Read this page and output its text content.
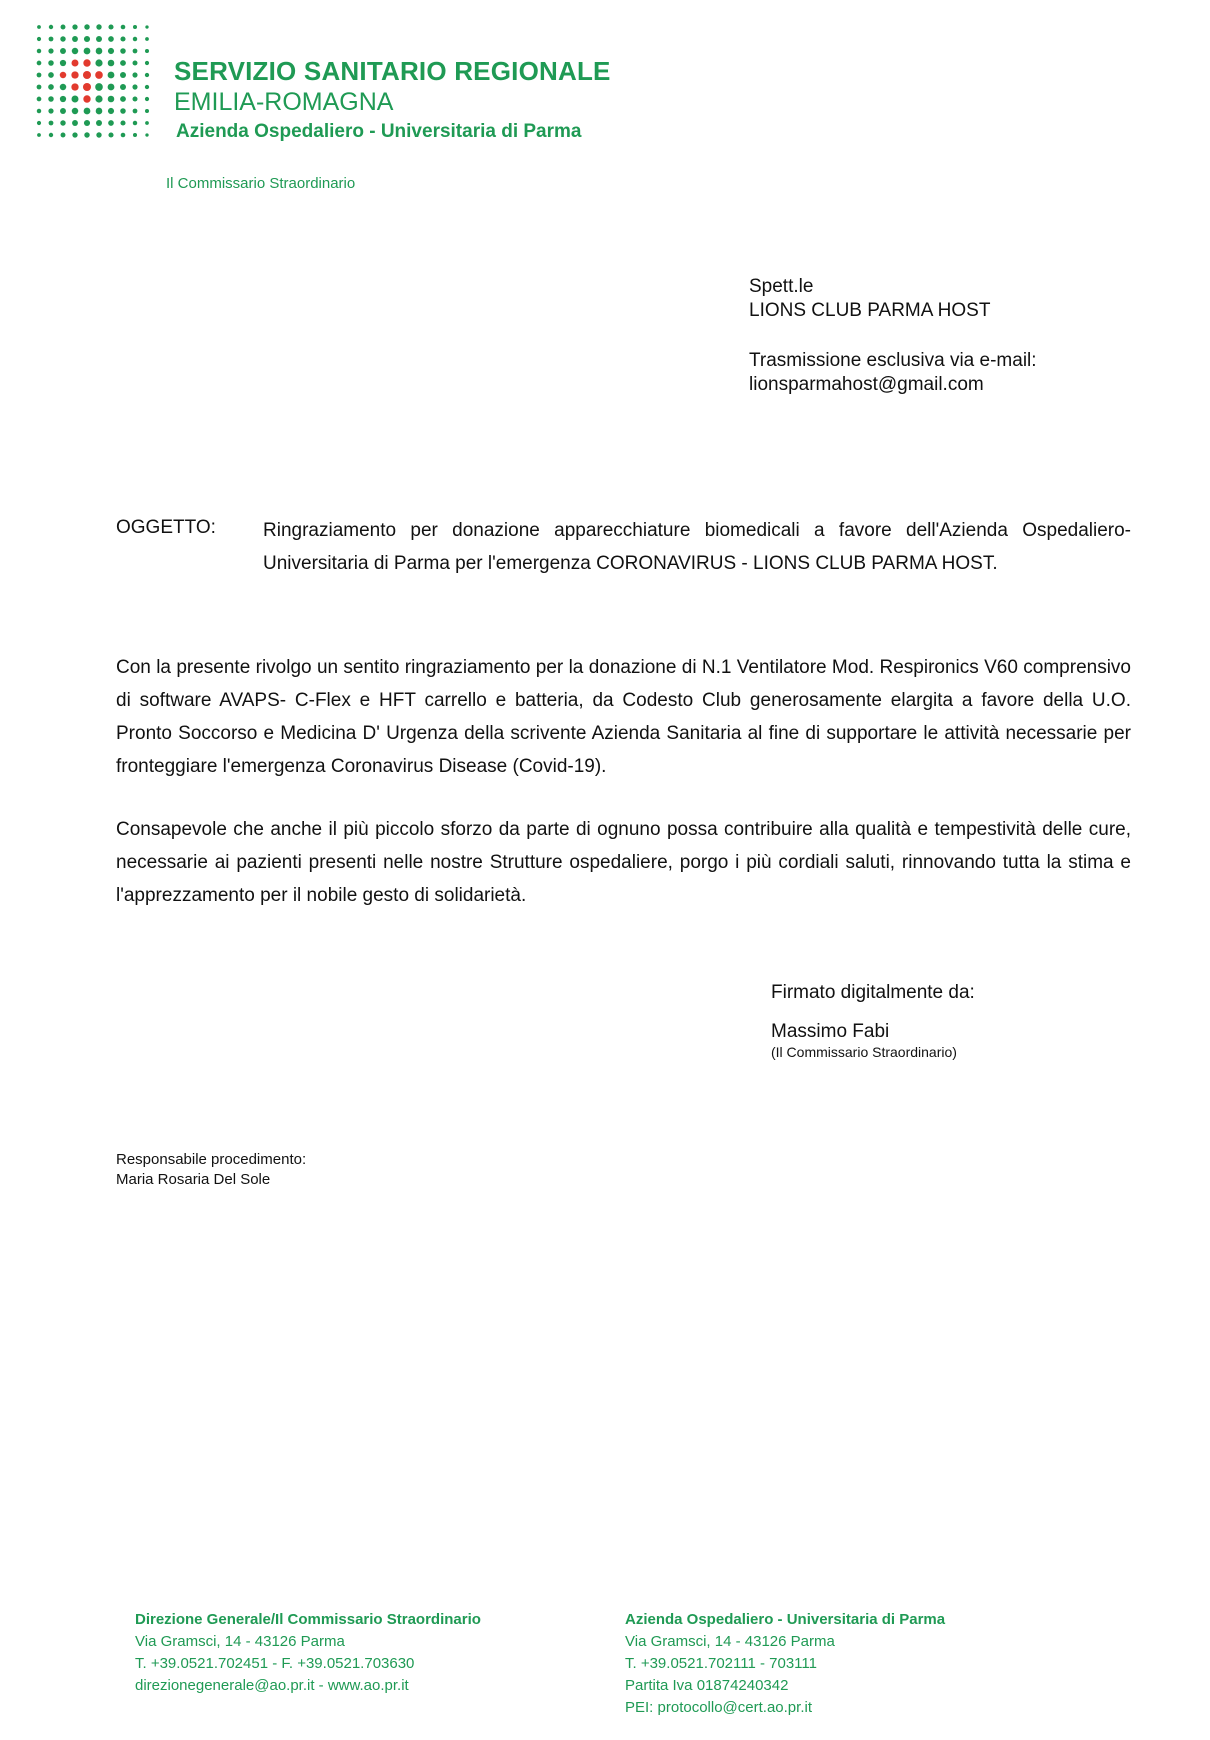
SERVIZIO SANITARIO REGIONALE
EMILIA-ROMAGNA
Azienda Ospedaliero - Universitaria di Parma
Il Commissario Straordinario
Spett.le
LIONS CLUB PARMA HOST
Trasmissione esclusiva via e-mail:
lionsparmahost@gmail.com
OGGETTO: Ringraziamento per donazione apparecchiature biomedicali a favore dell'Azienda Ospedaliero-Universitaria di Parma per l'emergenza CORONAVIRUS - LIONS CLUB PARMA HOST.
Con la presente rivolgo un sentito ringraziamento per la donazione di N.1 Ventilatore Mod. Respironics V60 comprensivo di software AVAPS- C-Flex e HFT carrello e batteria, da Codesto Club generosamente elargita a favore della U.O. Pronto Soccorso e Medicina D' Urgenza della scrivente Azienda Sanitaria al fine di supportare le attività necessarie per fronteggiare l'emergenza Coronavirus Disease (Covid-19).
Consapevole che anche il più piccolo sforzo da parte di ognuno possa contribuire alla qualità e tempestività delle cure, necessarie ai pazienti presenti nelle nostre Strutture ospedaliere, porgo i più cordiali saluti, rinnovando tutta la stima e l'apprezzamento per il nobile gesto di solidarietà.
Firmato digitalmente da:
Massimo Fabi
(Il Commissario Straordinario)
Responsabile procedimento:
Maria Rosaria Del Sole
Direzione Generale/Il Commissario Straordinario
Via Gramsci, 14 - 43126 Parma
T. +39.0521.702451 - F. +39.0521.703630
direzionegenerale@ao.pr.it - www.ao.pr.it
Azienda Ospedaliero - Universitaria di Parma
Via Gramsci, 14 - 43126 Parma
T. +39.0521.702111 - 703111
Partita Iva 01874240342
PEI: protocollo@cert.ao.pr.it
